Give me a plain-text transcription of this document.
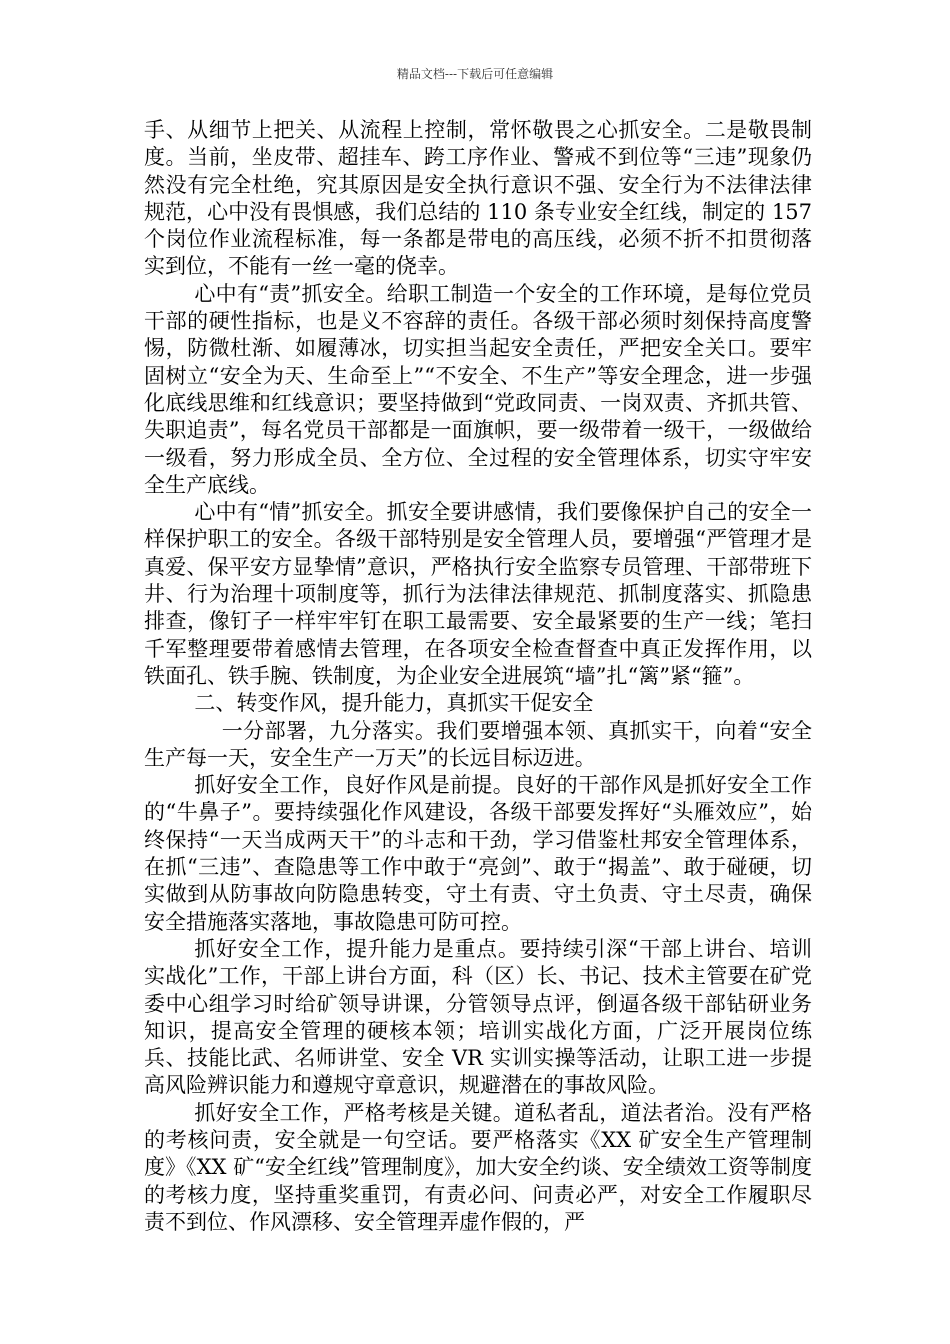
精品文档---下载后可任意编辑

手、从细节上把关、从流程上控制，常怀敬畏之心抓安全。二是敬畏制度。当前，坐皮带、超挂车、跨工序作业、警戒不到位等“三违”现象仍然没有完全杜绝，究其原因是安全执行意识不强、安全行为不法律法律规范，心中没有畏惧感，我们总结的 110 条专业安全红线，制定的 157 个岗位作业流程标准，每一条都是带电的高压线，必须不折不扣贯彻落实到位，不能有一丝一毫的侥幸。

心中有“责”抓安全。给职工制造一个安全的工作环境，是每位党员干部的硬性指标，也是义不容辞的责任。各级干部必须时刻保持高度警惕，防微杜渐、如履薄冰，切实担当起安全责任，严把安全关口。要牢固树立“安全为天、生命至上”“不安全、不生产”等安全理念，进一步强化底线思维和红线意识；要坚持做到“党政同责、一岗双责、齐抓共管、失职追责”，每名党员干部都是一面旗帜，要一级带着一级干，一级做给一级看，努力形成全员、全方位、全过程的安全管理体系，切实守牢安全生产底线。

心中有“情”抓安全。抓安全要讲感情，我们要像保护自己的安全一样保护职工的安全。各级干部特别是安全管理人员，要增强“严管理才是真爱、保平安方显挚情”意识，严格执行安全监察专员管理、干部带班下井、行为治理十项制度等，抓行为法律法律规范、抓制度落实、抓隐患排查，像钉子一样牢牢钉在职工最需要、安全最紧要的生产一线；笔扫千军整理要带着感情去管理，在各项安全检查督查中真正发挥作用，以铁面孔、铁手腕、铁制度，为企业安全进展筑“墙”扎“篱”紧“箍”。

二、转变作风，提升能力，真抓实干促安全

一分部署，九分落实。我们要增强本领、真抓实干，向着“安全生产每一天，安全生产一万天”的长远目标迈进。

抓好安全工作，良好作风是前提。良好的干部作风是抓好安全工作的“牛鼻子”。要持续强化作风建设，各级干部要发挥好“头雁效应”，始终保持“一天当成两天干”的斗志和干劲，学习借鉴杜邦安全管理体系，在抓“三违”、查隐患等工作中敢于“亮剑”、敢于“揭盖”、敢于碰硬，切实做到从防事故向防隐患转变，守土有责、守土负责、守土尽责，确保安全措施落实落地，事故隐患可防可控。

抓好安全工作，提升能力是重点。要持续引深“干部上讲台、培训实战化”工作，干部上讲台方面，科（区）长、书记、技术主管要在矿党委中心组学习时给矿领导讲课，分管领导点评，倒逼各级干部钻研业务知识，提高安全管理的硬核本领；培训实战化方面，广泛开展岗位练兵、技能比武、名师讲堂、安全 VR 实训实操等活动，让职工进一步提高风险辨识能力和遵规守章意识，规避潜在的事故风险。

抓好安全工作，严格考核是关键。道私者乱，道法者治。没有严格的考核问责，安全就是一句空话。要严格落实《XX 矿安全生产管理制度》《XX 矿“安全红线”管理制度》，加大安全约谈、安全绩效工资等制度的考核力度，坚持重奖重罚，有责必问、问责必严，对安全工作履职尽责不到位、作风漂移、安全管理弄虚作假的，严
